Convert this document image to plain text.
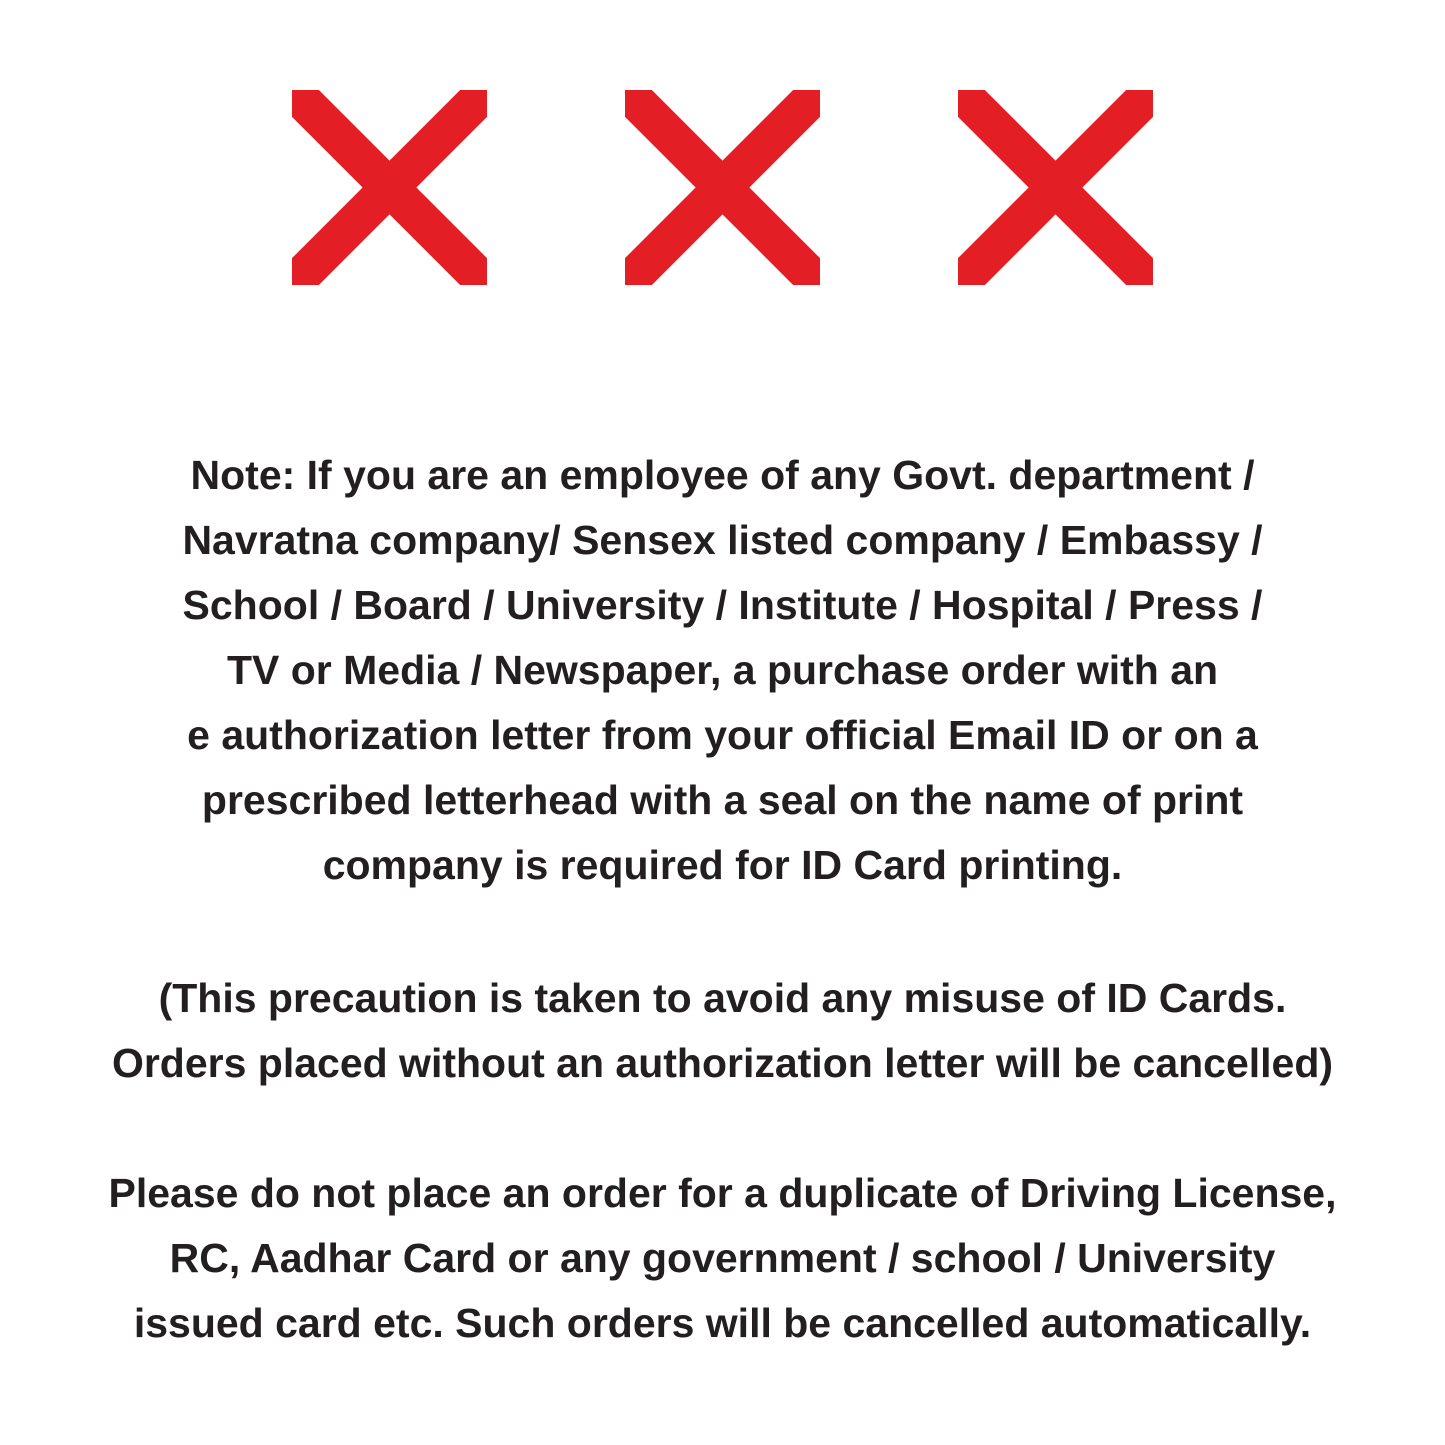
Note: If you are an employee of any Govt. department /
Navratna company/ Sensex listed company / Embassy /
School / Board / University / Institute / Hospital / Press /
TV or Media / Newspaper, a purchase order with an
e authorization letter from your official Email ID or on a
prescribed letterhead with a seal on the name of print
company is required for ID Card printing.

(This precaution is taken to avoid any misuse of ID Cards.
Orders placed without an authorization letter will be cancelled)

Please do not place an order for a duplicate of Driving License,
RC, Aadhar Card or any government / school / University
issued card etc. Such orders will be cancelled automatically.
